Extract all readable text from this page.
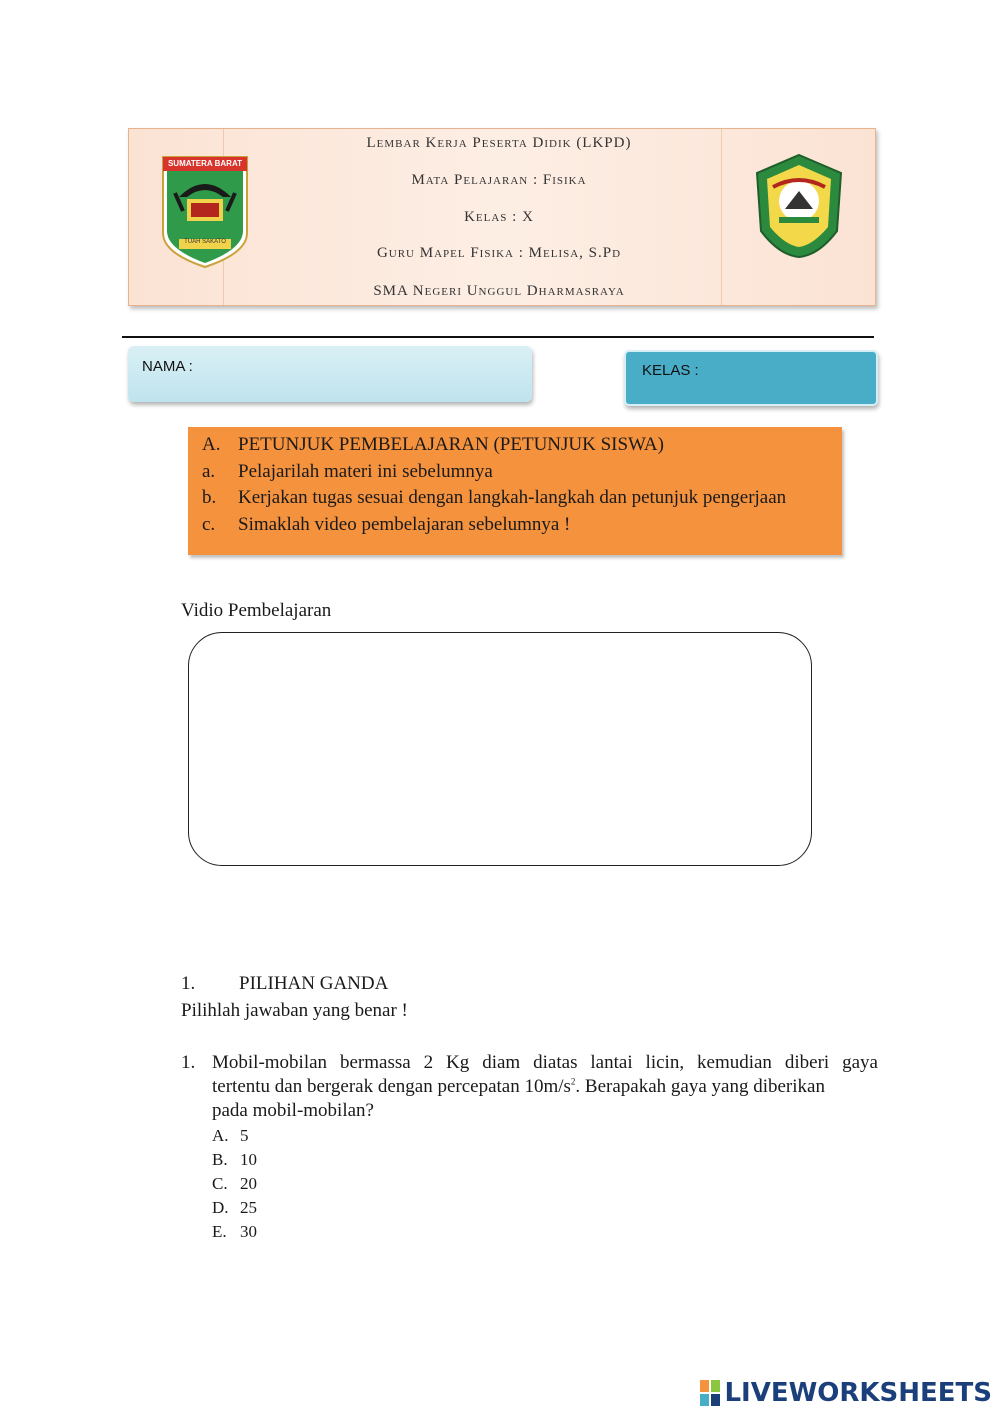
SUMATERA BARAT
TUAH SAKATO
Lembar Kerja Peserta Didik (LKPD)
Mata Pelajaran : Fisika
Kelas : X
Guru Mapel Fisika : Melisa, S.Pd
SMA Negeri Unggul Dharmasraya
NAMA :	KELAS :
A. PETUNJUK PEMBELAJARAN (PETUNJUK SISWA)
a. Pelajarilah materi ini sebelumnya
b. Kerjakan tugas sesuai dengan langkah-langkah dan petunjuk pengerjaan
c. Simaklah video pembelajaran sebelumnya !
Vidio Pembelajaran
1. PILIHAN GANDA
Pilihlah jawaban yang benar !
1. Mobil-mobilan bermassa 2 Kg diam diatas lantai licin, kemudian diberi gaya
tertentu dan bergerak dengan percepatan $10m/s^2$. Berapakah gaya yang diberikan
pada mobil-mobilan?
A. 5
B. 10
C. 20
D. 25
E. 30
LIVEWORKSHEETS
